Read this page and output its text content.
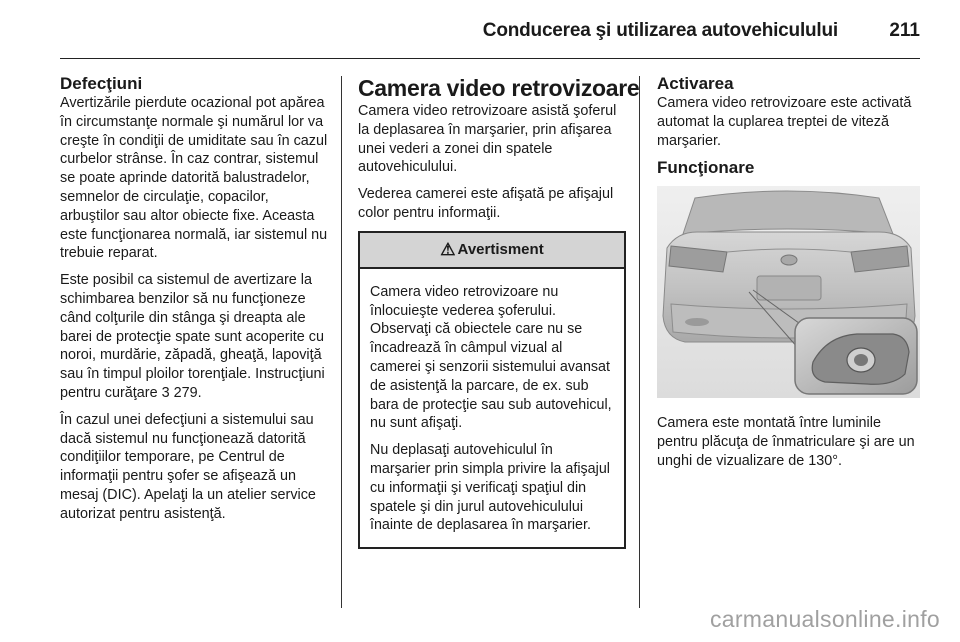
Conducerea şi utilizarea autovehiculului	211
Defecţiuni

Avertizările pierdute ocazional pot apărea în circumstanţe normale şi numărul lor va creşte în condiţii de umiditate sau în cazul curbelor strânse. În caz contrar, sistemul se poate aprinde datorită balustradelor, semnelor de circulaţie, copacilor, arbuştilor sau altor obiecte fixe. Aceasta este funcţionarea normală, iar sistemul nu trebuie reparat.

Este posibil ca sistemul de avertizare la schimbarea benzilor să nu funcţioneze când colţurile din stânga şi dreapta ale barei de protecţie spate sunt acoperite cu noroi, murdărie, zăpadă, gheaţă, lapoviţă sau în timpul ploilor torenţiale. Instrucţiuni pentru curăţare 3 279.

În cazul unei defecţiuni a sistemului sau dacă sistemul nu funcţionează datorită condiţiilor temporare, pe Centrul de informaţii pentru şofer se afişează un mesaj (DIC). Apelaţi la un atelier service autorizat pentru asistenţă.

Camera video retrovizoare

Camera video retrovizoare asistă şoferul la deplasarea în marşarier, prin afişarea unei vederi a zonei din spatele autovehiculului.

Vederea camerei este afişată pe afişajul color pentru informaţii.

⚠ Avertisment

Camera video retrovizoare nu înlocuieşte vederea şoferului. Observaţi că obiectele care nu se încadrează în câmpul vizual al camerei şi senzorii sistemului avansat de asistenţă la parcare, de ex. sub bara de protecţie sau sub autovehicul, nu sunt afişaţi.

Nu deplasaţi autovehiculul în marşarier prin simpla privire la afişajul cu informaţii şi verificaţi spaţiul din spatele şi din jurul autovehiculului înainte de deplasarea în marşarier.

Activarea

Camera video retrovizoare este activată automat la cuplarea treptei de viteză marşarier.

Funcţionare

Camera este montată între luminile pentru plăcuţa de înmatriculare şi are un unghi de vizualizare de 130°.

carmanualsonline.info
